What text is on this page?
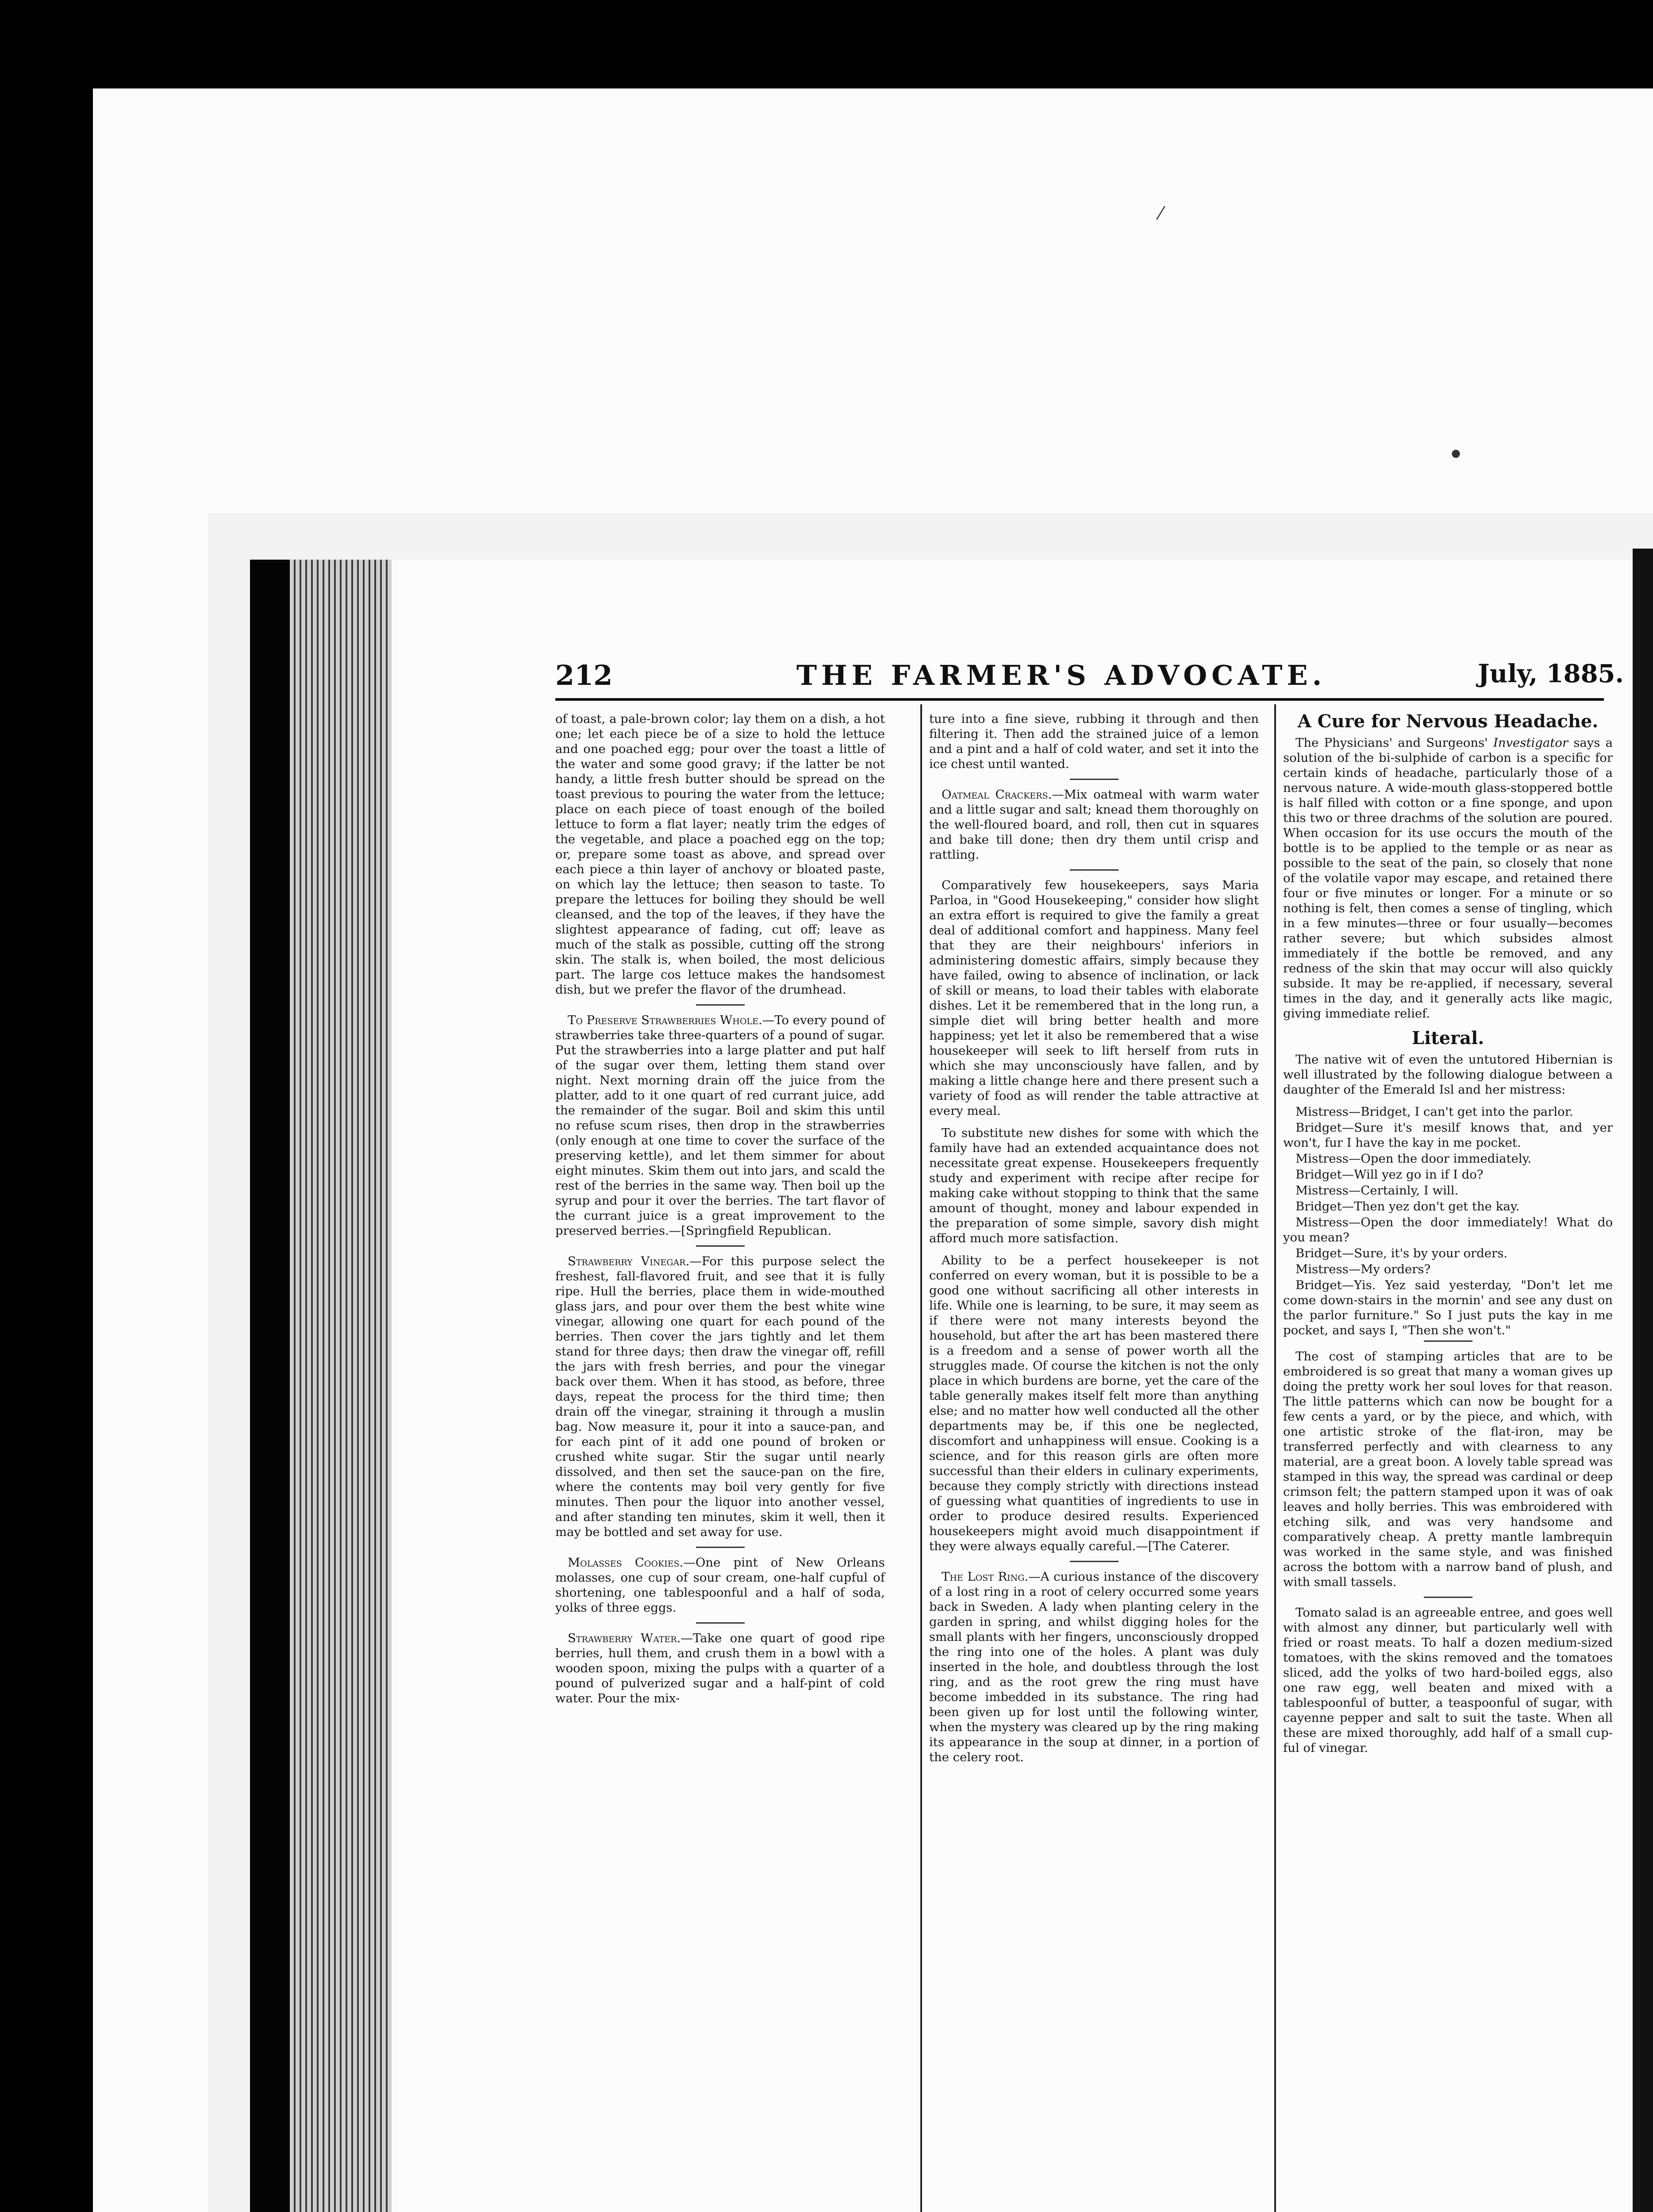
⁄
●
212	THE FARMER'S ADVOCATE.	July, 1885.

of toast, a pale-brown color; lay them on a dish, a hot one; let each piece be of a size to hold the lettuce and one poached egg; pour over the toast a little of the water and some good gravy; if the latter be not handy, a little fresh butter should be spread on the toast previous to pouring the water from the lettuce; place on each piece of toast enough of the boiled lettuce to form a flat layer; neatly trim the edges of the vegetable, and place a poached egg on the top; or, prepare some toast as above, and spread over each piece a thin layer of anchovy or bloated paste, on which lay the lettuce; then season to taste. To prepare the lettuces for boiling they should be well cleansed, and the top of the leaves, if they have the slightest appearance of fading, cut off; leave as much of the stalk as possible, cutting off the strong skin. The stalk is, when boiled, the most delicious part. The large cos lettuce makes the handsomest dish, but we prefer the flavor of the drumhead.

To Preserve Strawberries Whole.—To every pound of strawberries take three-quarters of a pound of sugar. Put the strawberries into a large platter and put half of the sugar over them, letting them stand over night. Next morning drain off the juice from the platter, add to it one quart of red currant juice, add the remainder of the sugar. Boil and skim this until no refuse scum rises, then drop in the strawberries (only enough at one time to cover the surface of the preserving kettle), and let them simmer for about eight minutes. Skim them out into jars, and scald the rest of the berries in the same way. Then boil up the syrup and pour it over the berries. The tart flavor of the currant juice is a great improvement to the preserved berries.—[Springfield Republican.

Strawberry Vinegar.—For this purpose select the freshest, fall-flavored fruit, and see that it is fully ripe. Hull the berries, place them in wide-mouthed glass jars, and pour over them the best white wine vinegar, allowing one quart for each pound of the berries. Then cover the jars tightly and let them stand for three days; then draw the vinegar off, refill the jars with fresh berries, and pour the vinegar back over them. When it has stood, as before, three days, repeat the process for the third time; then drain off the vinegar, straining it through a muslin bag. Now measure it, pour it into a sauce-pan, and for each pint of it add one pound of broken or crushed white sugar. Stir the sugar until nearly dissolved, and then set the sauce-pan on the fire, where the contents may boil very gently for five minutes. Then pour the liquor into another vessel, and after standing ten minutes, skim it well, then it may be bottled and set away for use.

Molasses Cookies.—One pint of New Orleans molasses, one cup of sour cream, one-half cupful of shortening, one tablespoonful and a half of soda, yolks of three eggs.

Strawberry Water.—Take one quart of good ripe berries, hull them, and crush them in a bowl with a wooden spoon, mixing the pulps with a quarter of a pound of pulverized sugar and a half-pint of cold water. Pour the mix-

ture into a fine sieve, rubbing it through and then filtering it. Then add the strained juice of a lemon and a pint and a half of cold water, and set it into the ice chest until wanted.

Oatmeal Crackers.—Mix oatmeal with warm water and a little sugar and salt; knead them thoroughly on the well-floured board, and roll, then cut in squares and bake till done; then dry them until crisp and rattling.

Comparatively few housekeepers, says Maria Parloa, in "Good Housekeeping," consider how slight an extra effort is required to give the family a great deal of additional comfort and happiness. Many feel that they are their neighbours' inferiors in administering domestic affairs, simply because they have failed, owing to absence of inclination, or lack of skill or means, to load their tables with elaborate dishes. Let it be remembered that in the long run, a simple diet will bring better health and more happiness; yet let it also be remembered that a wise housekeeper will seek to lift herself from ruts in which she may unconsciously have fallen, and by making a little change here and there present such a variety of food as will render the table attractive at every meal.

To substitute new dishes for some with which the family have had an extended acquaintance does not necessitate great expense. Housekeepers frequently study and experiment with recipe after recipe for making cake without stopping to think that the same amount of thought, money and labour expended in the preparation of some simple, savory dish might afford much more satisfaction.

Ability to be a perfect housekeeper is not conferred on every woman, but it is possible to be a good one without sacrificing all other interests in life. While one is learning, to be sure, it may seem as if there were not many interests beyond the household, but after the art has been mastered there is a freedom and a sense of power worth all the struggles made. Of course the kitchen is not the only place in which burdens are borne, yet the care of the table generally makes itself felt more than anything else; and no matter how well conducted all the other departments may be, if this one be neglected, discomfort and unhappiness will ensue. Cooking is a science, and for this reason girls are often more successful than their elders in culinary experiments, because they comply strictly with directions instead of guessing what quantities of ingredients to use in order to produce desired results. Experienced housekeepers might avoid much disappointment if they were always equally careful.—[The Caterer.

The Lost Ring.—A curious instance of the discovery of a lost ring in a root of celery occurred some years back in Sweden. A lady when planting celery in the garden in spring, and whilst digging holes for the small plants with her fingers, unconsciously dropped the ring into one of the holes. A plant was duly inserted in the hole, and doubtless through the lost ring, and as the root grew the ring must have become imbedded in its substance. The ring had been given up for lost until the following winter, when the mystery was cleared up by the ring making its appearance in the soup at dinner, in a portion of the celery root.

A Cure for Nervous Headache.

The Physicians' and Surgeons' Investigator says a solution of the bi-sulphide of carbon is a specific for certain kinds of headache, particularly those of a nervous nature. A wide-mouth glass-stoppered bottle is half filled with cotton or a fine sponge, and upon this two or three drachms of the solution are poured. When occasion for its use occurs the mouth of the bottle is to be applied to the temple or as near as possible to the seat of the pain, so closely that none of the volatile vapor may escape, and retained there four or five minutes or longer. For a minute or so nothing is felt, then comes a sense of tingling, which in a few minutes—three or four usually—becomes rather severe; but which subsides almost immediately if the bottle be removed, and any redness of the skin that may occur will also quickly subside. It may be re-applied, if necessary, several times in the day, and it generally acts like magic, giving immediate relief.

Literal.

The native wit of even the untutored Hibernian is well illustrated by the following dialogue between a daughter of the Emerald Isl and her mistress:

Mistress—Bridget, I can't get into the parlor.

Bridget—Sure it's mesilf knows that, and yer won't, fur I have the kay in me pocket.

Mistress—Open the door immediately.

Bridget—Will yez go in if I do?

Mistress—Certainly, I will.

Bridget—Then yez don't get the kay.

Mistress—Open the door immediately! What do you mean?

Bridget—Sure, it's by your orders.

Mistress—My orders?

Bridget—Yis. Yez said yesterday, "Don't let me come down-stairs in the mornin' and see any dust on the parlor furniture." So I just puts the kay in me pocket, and says I, "Then she won't."

The cost of stamping articles that are to be embroidered is so great that many a woman gives up doing the pretty work her soul loves for that reason. The little patterns which can now be bought for a few cents a yard, or by the piece, and which, with one artistic stroke of the flat-iron, may be transferred perfectly and with clearness to any material, are a great boon. A lovely table spread was stamped in this way, the spread was cardinal or deep crimson felt; the pattern stamped upon it was of oak leaves and holly berries. This was embroidered with etching silk, and was very handsome and comparatively cheap. A pretty mantle lambrequin was worked in the same style, and was finished across the bottom with a narrow band of plush, and with small tassels.

Tomato salad is an agreeable entree, and goes well with almost any dinner, but particularly well with fried or roast meats. To half a dozen medium-sized tomatoes, with the skins removed and the tomatoes sliced, add the yolks of two hard-boiled eggs, also one raw egg, well beaten and mixed with a tablespoonful of butter, a teaspoonful of sugar, with cayenne pepper and salt to suit the taste. When all these are mixed thoroughly, add half of a small cup-ful of vinegar.
